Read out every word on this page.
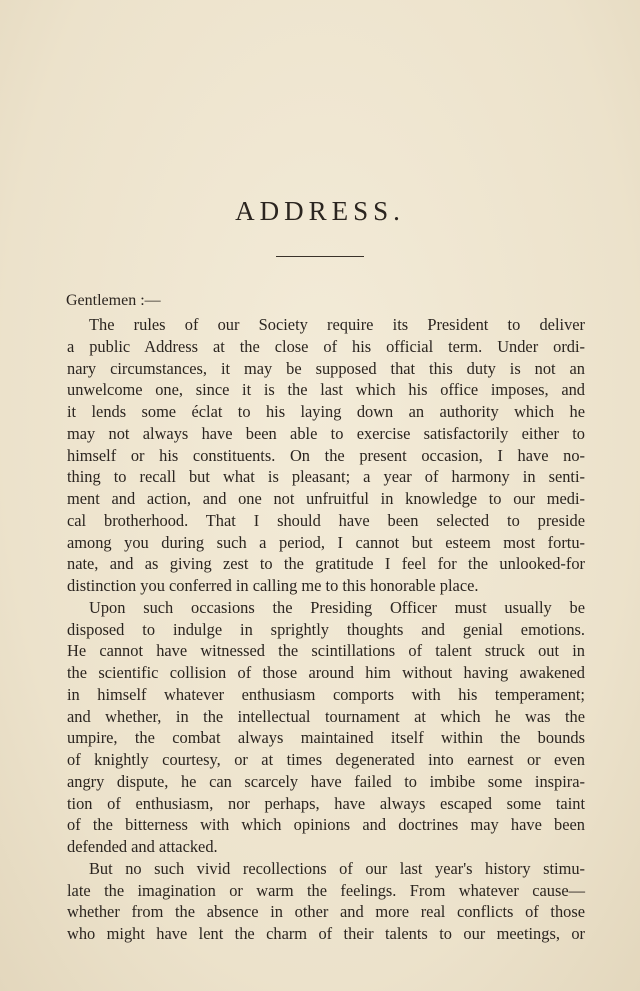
ADDRESS.
Gentlemen :—
The rules of our Society require its President to deliver
a public Address at the close of his official term. Under ordi-
nary circumstances, it may be supposed that this duty is not an
unwelcome one, since it is the last which his office imposes, and
it lends some éclat to his laying down an authority which he
may not always have been able to exercise satisfactorily either to
himself or his constituents. On the present occasion, I have no-
thing to recall but what is pleasant; a year of harmony in senti-
ment and action, and one not unfruitful in knowledge to our medi-
cal brotherhood. That I should have been selected to preside
among you during such a period, I cannot but esteem most fortu-
nate, and as giving zest to the gratitude I feel for the unlooked-for
distinction you conferred in calling me to this honorable place.
Upon such occasions the Presiding Officer must usually be
disposed to indulge in sprightly thoughts and genial emotions.
He cannot have witnessed the scintillations of talent struck out in
the scientific collision of those around him without having awakened
in himself whatever enthusiasm comports with his temperament;
and whether, in the intellectual tournament at which he was the
umpire, the combat always maintained itself within the bounds
of knightly courtesy, or at times degenerated into earnest or even
angry dispute, he can scarcely have failed to imbibe some inspira-
tion of enthusiasm, nor perhaps, have always escaped some taint
of the bitterness with which opinions and doctrines may have been
defended and attacked.
But no such vivid recollections of our last year's history stimu-
late the imagination or warm the feelings. From whatever cause—
whether from the absence in other and more real conflicts of those
who might have lent the charm of their talents to our meetings, or
